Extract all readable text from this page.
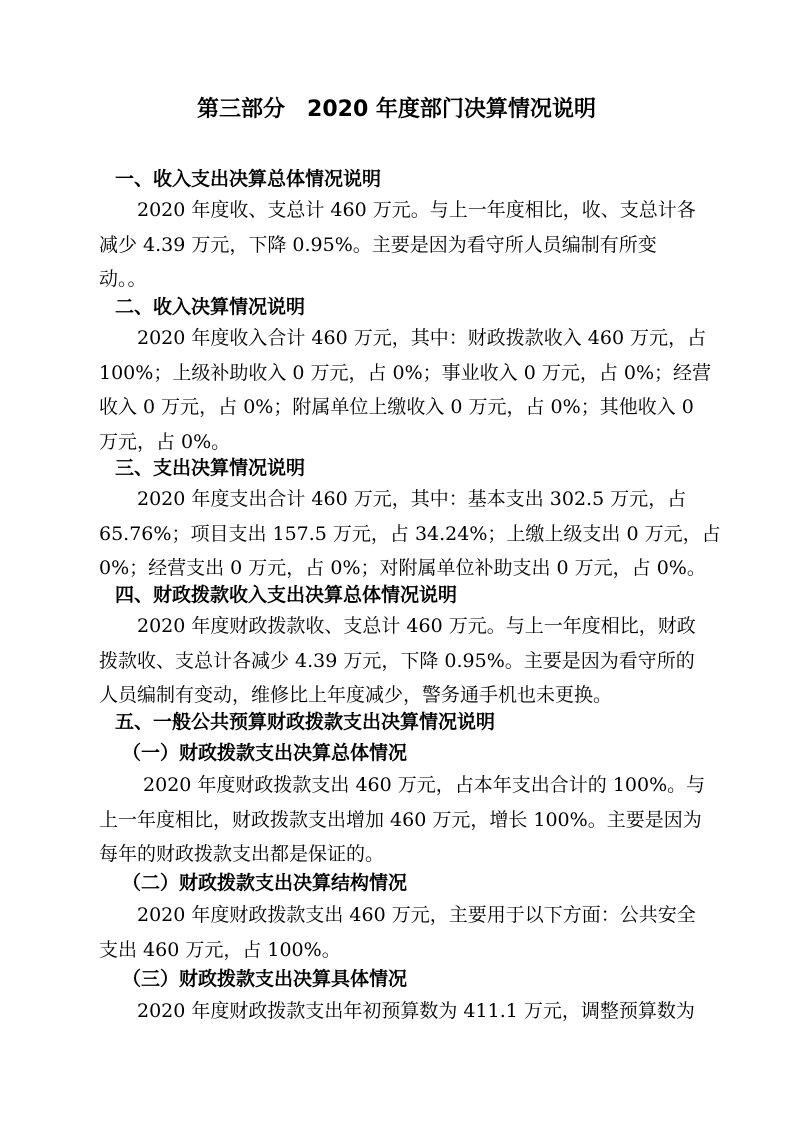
第三部分　2020 年度部门决算情况说明
一、收入支出决算总体情况说明
　　2020 年度收、支总计 460 万元。与上一年度相比，收、支总计各
减少 4.39 万元，下降 0.95%。主要是因为看守所人员编制有所变
动。。
二、收入决算情况说明
　　2020 年度收入合计 460 万元，其中：财政拨款收入 460 万元，占
100%；上级补助收入 0 万元，占 0%；事业收入 0 万元，占 0%；经营
收入 0 万元，占 0%；附属单位上缴收入 0 万元，占 0%；其他收入 0
万元，占 0%。
三、支出决算情况说明
　　2020 年度支出合计 460 万元，其中：基本支出 302.5 万元，占
65.76%；项目支出 157.5 万元，占 34.24%；上缴上级支出 0 万元，占
0%；经营支出 0 万元，占 0%；对附属单位补助支出 0 万元，占 0%。
四、财政拨款收入支出决算总体情况说明
　　2020 年度财政拨款收、支总计 460 万元。与上一年度相比，财政
拨款收、支总计各减少 4.39 万元，下降 0.95%。主要是因为看守所的
人员编制有变动，维修比上年度减少，警务通手机也未更换。
五、一般公共预算财政拨款支出决算情况说明
（一）财政拨款支出决算总体情况
　　 2020 年度财政拨款支出 460 万元，占本年支出合计的 100%。与
上一年度相比，财政拨款支出增加 460 万元，增长 100%。主要是因为
每年的财政拨款支出都是保证的。
（二）财政拨款支出决算结构情况
　　2020 年度财政拨款支出 460 万元，主要用于以下方面：公共安全
支出 460 万元，占 100%。
（三）财政拨款支出决算具体情况
　　2020 年度财政拨款支出年初预算数为 411.1 万元，调整预算数为
